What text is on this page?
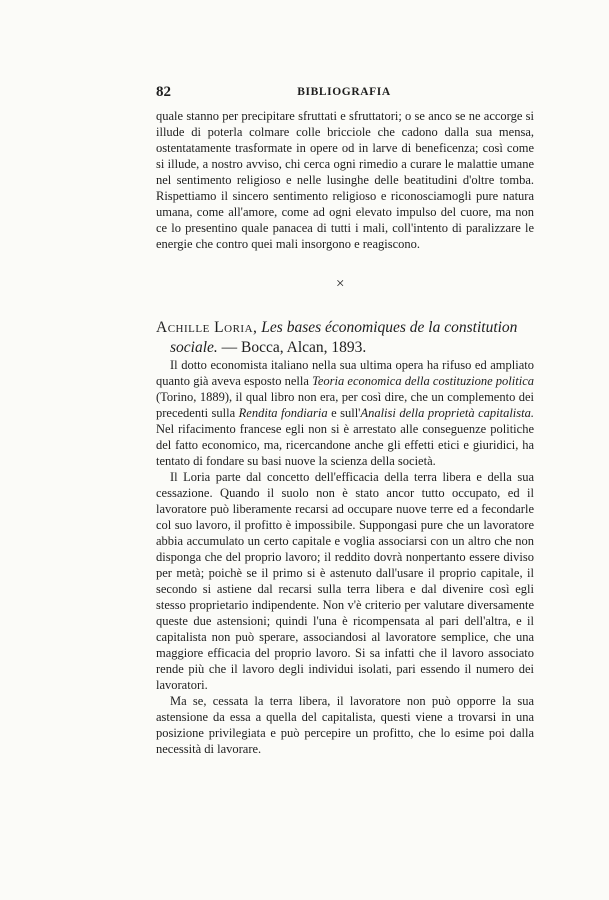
82	BIBLIOGRAFIA

quale stanno per precipitare sfruttati e sfruttatori; o se anco se ne accorge si illude di poterla colmare colle bricciole che cadono dalla sua mensa, ostentatamente trasformate in opere od in larve di beneficenza; così come si illude, a nostro avviso, chi cerca ogni rimedio a curare le malattie umane nel sentimento religioso e nelle lusinghe delle beatitudini d'oltre tomba. Rispettiamo il sincero sentimento religioso e riconosciamogli pure natura umana, come all'amore, come ad ogni elevato impulso del cuore, ma non ce lo presentino quale panacea di tutti i mali, coll'intento di paralizzare le energie che contro quei mali insorgono e reagiscono.

×
Achille Loria, Les bases économiques de la constitution
sociale. — Bocca, Alcan, 1893.

Il dotto economista italiano nella sua ultima opera ha rifuso ed ampliato quanto già aveva esposto nella Teoria economica della costituzione politica (Torino, 1889), il qual libro non era, per così dire, che un complemento dei precedenti sulla Rendita fondiaria e sull'Analisi della proprietà capitalista. Nel rifacimento francese egli non si è arrestato alle conseguenze politiche del fatto economico, ma, ricercandone anche gli effetti etici e giuridici, ha tentato di fondare su basi nuove la scienza della società.

Il Loria parte dal concetto dell'efficacia della terra libera e della sua cessazione. Quando il suolo non è stato ancor tutto occupato, ed il lavoratore può liberamente recarsi ad occupare nuove terre ed a fecondarle col suo lavoro, il profitto è impossibile. Suppongasi pure che un lavoratore abbia accumulato un certo capitale e voglia associarsi con un altro che non disponga che del proprio lavoro; il reddito dovrà nonpertanto essere diviso per metà; poichè se il primo si è astenuto dall'usare il proprio capitale, il secondo si astiene dal recarsi sulla terra libera e dal divenire così egli stesso proprietario indipendente. Non v'è criterio per valutare diversamente queste due astensioni; quindi l'una è ricompensata al pari dell'altra, e il capitalista non può sperare, associandosi al lavoratore semplice, che una maggiore efficacia del proprio lavoro. Si sa infatti che il lavoro associato rende più che il lavoro degli individui isolati, pari essendo il numero dei lavoratori.

Ma se, cessata la terra libera, il lavoratore non può opporre la sua astensione da essa a quella del capitalista, questi viene a trovarsi in una posizione privilegiata e può percepire un profitto, che lo esime poi dalla necessità di lavorare.
